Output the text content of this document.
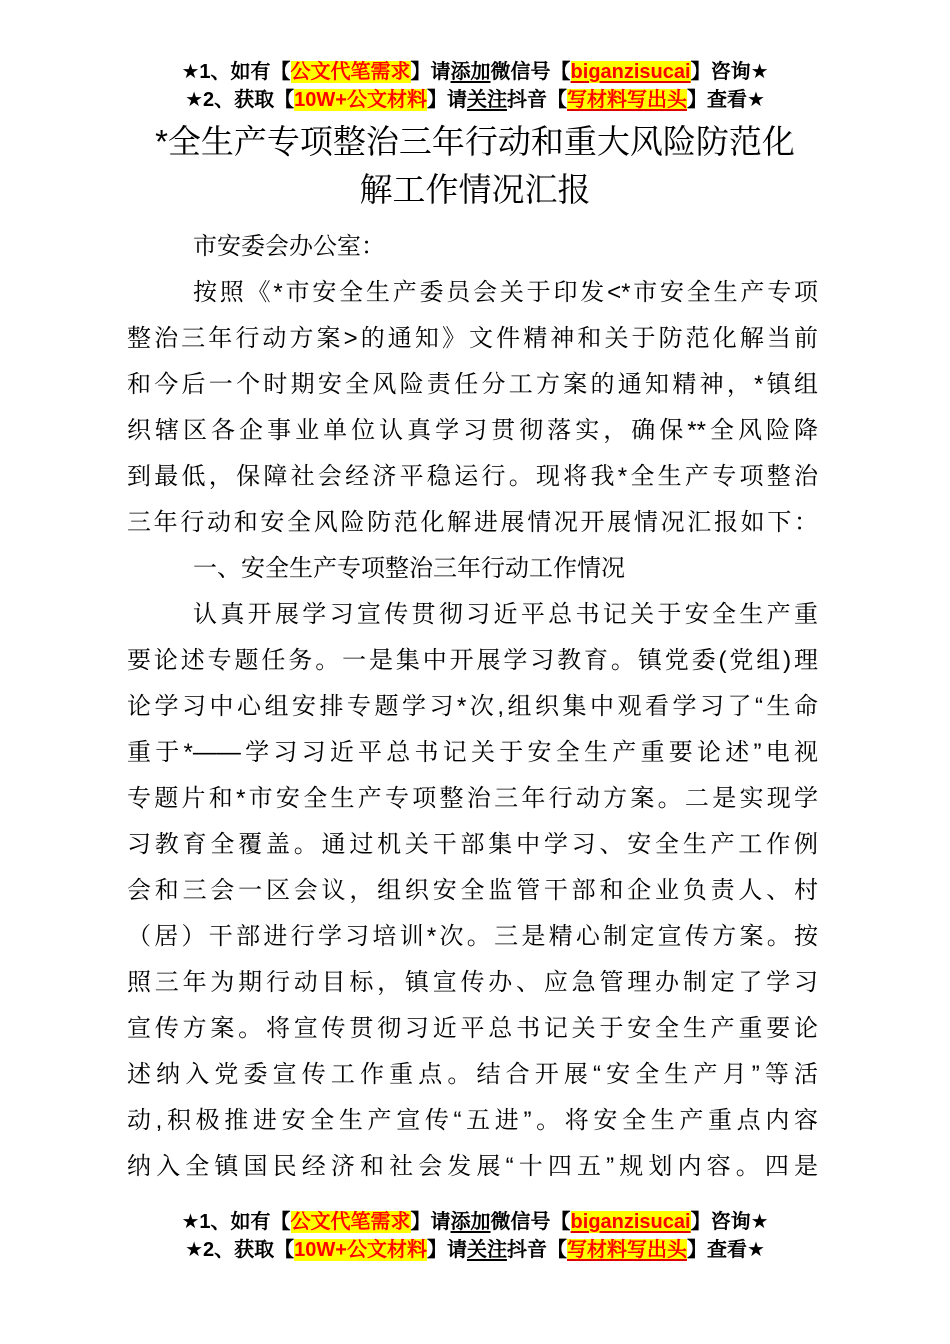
★1、如有【公文代笔需求】请添加微信号【biganzisucai】咨询★
★2、获取【10W+公文材料】请关注抖音【写材料写出头】查看★
*全生产专项整治三年行动和重大风险防范化
解工作情况汇报
市安委会办公室：
按照《*市安全生产委员会关于印发<*市安全生产专项
整治三年行动方案>的通知》文件精神和关于防范化解当前
和今后一个时期安全风险责任分工方案的通知精神，*镇组
织辖区各企事业单位认真学习贯彻落实，确保**全风险降
到最低，保障社会经济平稳运行。现将我*全生产专项整治
三年行动和安全风险防范化解进展情况开展情况汇报如下：
一、安全生产专项整治三年行动工作情况
认真开展学习宣传贯彻习近平总书记关于安全生产重
要论述专题任务。一是集中开展学习教育。镇党委(党组)理
论学习中心组安排专题学习*次,组织集中观看学习了“生命
重于*——学习习近平总书记关于安全生产重要论述”电视
专题片和*市安全生产专项整治三年行动方案。二是实现学
习教育全覆盖。通过机关干部集中学习、安全生产工作例
会和三会一区会议，组织安全监管干部和企业负责人、村
（居）干部进行学习培训*次。三是精心制定宣传方案。按
照三年为期行动目标，镇宣传办、应急管理办制定了学习
宣传方案。将宣传贯彻习近平总书记关于安全生产重要论
述纳入党委宣传工作重点。结合开展“安全生产月”等活
动,积极推进安全生产宣传“五进”。将安全生产重点内容
纳入全镇国民经济和社会发展“十四五”规划内容。四是
★1、如有【公文代笔需求】请添加微信号【biganzisucai】咨询★
★2、获取【10W+公文材料】请关注抖音【写材料写出头】查看★
